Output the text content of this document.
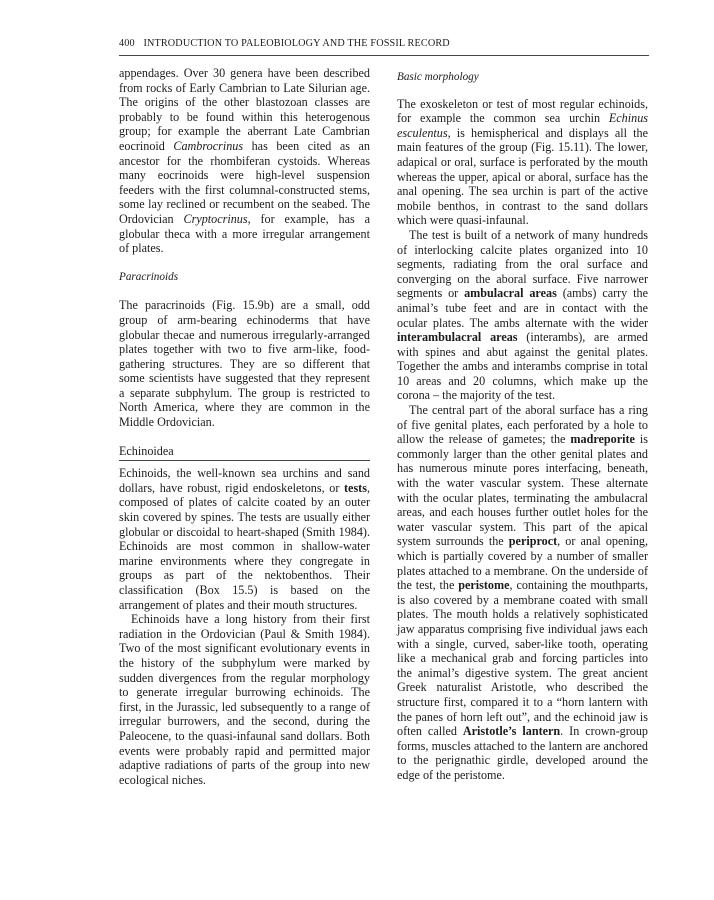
400 INTRODUCTION TO PALEOBIOLOGY AND THE FOSSIL RECORD

appendages. Over 30 genera have been described from rocks of Early Cambrian to Late Silurian age. The origins of the other blastozoan classes are probably to be found within this heterogenous group; for example the aberrant Late Cambrian eocrinoid Cambrocrinus has been cited as an ancestor for the rhombiferan cystoids. Whereas many eocrinoids were high-level suspension feeders with the first columnal-constructed stems, some lay reclined or recumbent on the seabed. The Ordovician Cryptocrinus, for example, has a globular theca with a more irregular arrangement of plates.

Paracrinoids

The paracrinoids (Fig. 15.9b) are a small, odd group of arm-bearing echinoderms that have globular thecae and numerous irregularly-arranged plates together with two to five arm-like, food-gathering structures. They are so different that some scientists have suggested that they represent a separate subphylum. The group is restricted to North America, where they are common in the Middle Ordovician.

Echinoidea

Echinoids, the well-known sea urchins and sand dollars, have robust, rigid endoskeletons, or tests, composed of plates of calcite coated by an outer skin covered by spines. The tests are usually either globular or discoidal to heart-shaped (Smith 1984). Echinoids are most common in shallow-water marine environments where they congregate in groups as part of the nektobenthos. Their classification (Box 15.5) is based on the arrangement of plates and their mouth structures.

Echinoids have a long history from their first radiation in the Ordovician (Paul & Smith 1984). Two of the most significant evolutionary events in the history of the subphylum were marked by sudden divergences from the regular morphology to generate irregular burrowing echinoids. The first, in the Jurassic, led subsequently to a range of irregular burrowers, and the second, during the Paleocene, to the quasi-infaunal sand dollars. Both events were probably rapid and permitted major adaptive radiations of parts of the group into new ecological niches.

Basic morphology

The exoskeleton or test of most regular echinoids, for example the common sea urchin Echinus esculentus, is hemispherical and displays all the main features of the group (Fig. 15.11). The lower, adapical or oral, surface is perforated by the mouth whereas the upper, apical or aboral, surface has the anal opening. The sea urchin is part of the active mobile benthos, in contrast to the sand dollars which were quasi-infaunal.

The test is built of a network of many hundreds of interlocking calcite plates organized into 10 segments, radiating from the oral surface and converging on the aboral surface. Five narrower segments or ambulacral areas (ambs) carry the animal’s tube feet and are in contact with the ocular plates. The ambs alternate with the wider interambulacral areas (interambs), are armed with spines and abut against the genital plates. Together the ambs and interambs comprise in total 10 areas and 20 columns, which make up the corona – the majority of the test.

The central part of the aboral surface has a ring of five genital plates, each perforated by a hole to allow the release of gametes; the madreporite is commonly larger than the other genital plates and has numerous minute pores interfacing, beneath, with the water vascular system. These alternate with the ocular plates, terminating the ambulacral areas, and each houses further outlet holes for the water vascular system. This part of the apical system surrounds the periproct, or anal opening, which is partially covered by a number of smaller plates attached to a membrane. On the underside of the test, the peristome, containing the mouthparts, is also covered by a membrane coated with small plates. The mouth holds a relatively sophisticated jaw apparatus comprising five individual jaws each with a single, curved, saber-like tooth, operating like a mechanical grab and forcing particles into the animal’s digestive system. The great ancient Greek naturalist Aristotle, who described the structure first, compared it to a “horn lantern with the panes of horn left out”, and the echinoid jaw is often called Aristotle’s lantern. In crown-group forms, muscles attached to the lantern are anchored to the perignathic girdle, developed around the edge of the peristome.
